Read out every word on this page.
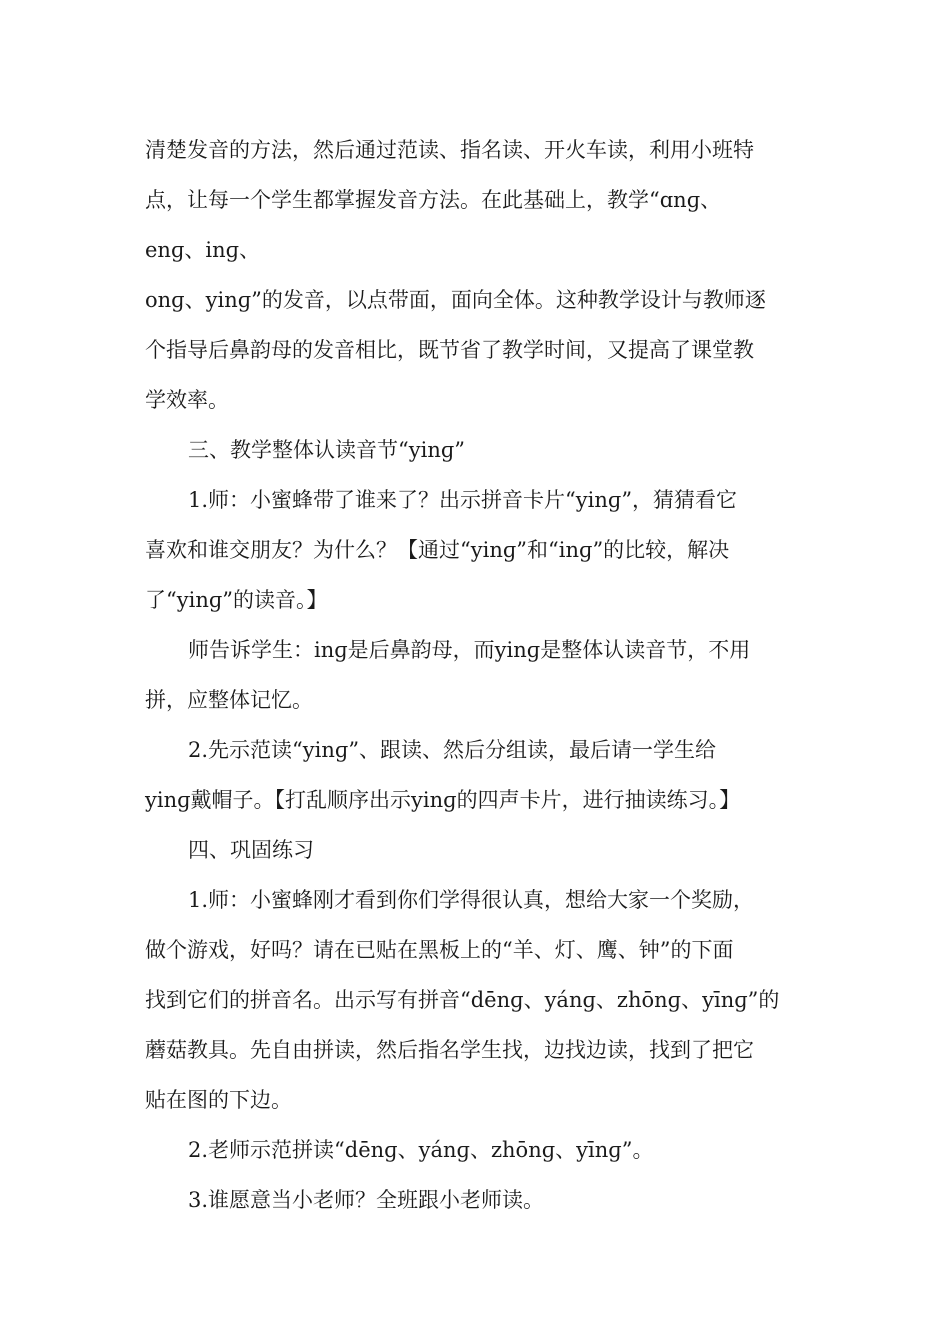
清楚发音的方法，然后通过范读、指名读、开火车读，利用小班特
点，让每一个学生都掌握发音方法。在此基础上，教学“ɑnɡ、
enɡ、inɡ、
onɡ、yinɡ”的发音，以点带面，面向全体。这种教学设计与教师逐
个指导后鼻韵母的发音相比，既节省了教学时间，又提高了课堂教
学效率。
三、教学整体认读音节“yinɡ”
1.师：小蜜蜂带了谁来了？出示拼音卡片“yinɡ”，猜猜看它
喜欢和谁交朋友？为什么？【通过“yinɡ”和“inɡ”的比较，解决
了“yinɡ”的读音。】
师告诉学生：inɡ是后鼻韵母，而yinɡ是整体认读音节，不用
拼，应整体记忆。
2.先示范读“yinɡ”、跟读、然后分组读，最后请一学生给
yinɡ戴帽子。【打乱顺序出示yinɡ的四声卡片，进行抽读练习。】
四、巩固练习
1.师：小蜜蜂刚才看到你们学得很认真，想给大家一个奖励，
做个游戏，好吗？请在已贴在黑板上的“羊、灯、鹰、钟”的下面
找到它们的拼音名。出示写有拼音“dēnɡ、yánɡ、zhōnɡ、yīnɡ”的
蘑菇教具。先自由拼读，然后指名学生找，边找边读，找到了把它
贴在图的下边。
2.老师示范拼读“dēnɡ、yánɡ、zhōnɡ、yīnɡ”。
3.谁愿意当小老师？全班跟小老师读。
